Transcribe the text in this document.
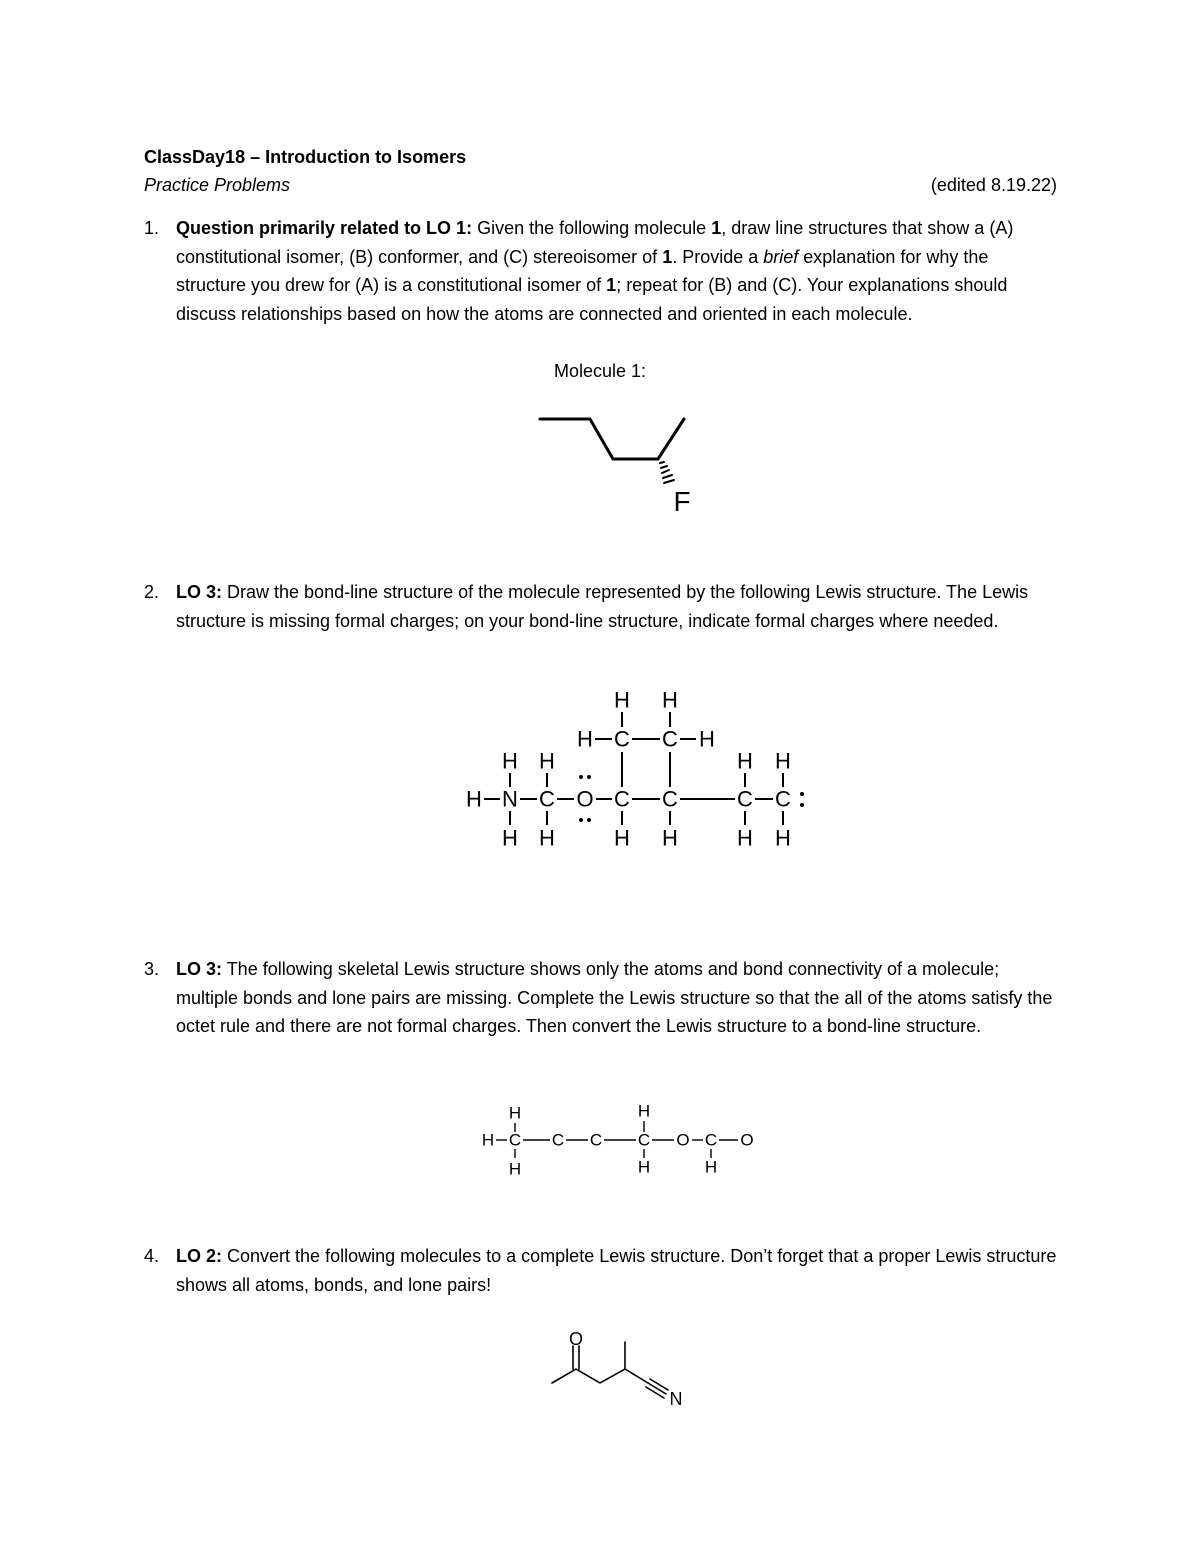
ClassDay18 – Introduction to Isomers
Practice Problems	(edited 8.19.22)
1. Question primarily related to LO 1: Given the following molecule 1, draw line structures that show a (A) constitutional isomer, (B) conformer, and (C) stereoisomer of 1. Provide a brief explanation for why the structure you drew for (A) is a constitutional isomer of 1; repeat for (B) and (C). Your explanations should discuss relationships based on how the atoms are connected and oriented in each molecule.
Molecule 1:
F
2. LO 3: Draw the bond-line structure of the molecule represented by the following Lewis structure. The Lewis structure is missing formal charges; on your bond-line structure, indicate formal charges where needed.
H H
H C C H
H H	H H
H N C O C C	C C
H H	H H	H H
3. LO 3: The following skeletal Lewis structure shows only the atoms and bond connectivity of a molecule; multiple bonds and lone pairs are missing. Complete the Lewis structure so that the all of the atoms satisfy the octet rule and there are not formal charges. Then convert the Lewis structure to a bond-line structure.
H	H
H C C C C O C O
H	H	H
4. LO 2: Convert the following molecules to a complete Lewis structure. Don’t forget that a proper Lewis structure shows all atoms, bonds, and lone pairs!
O
N
